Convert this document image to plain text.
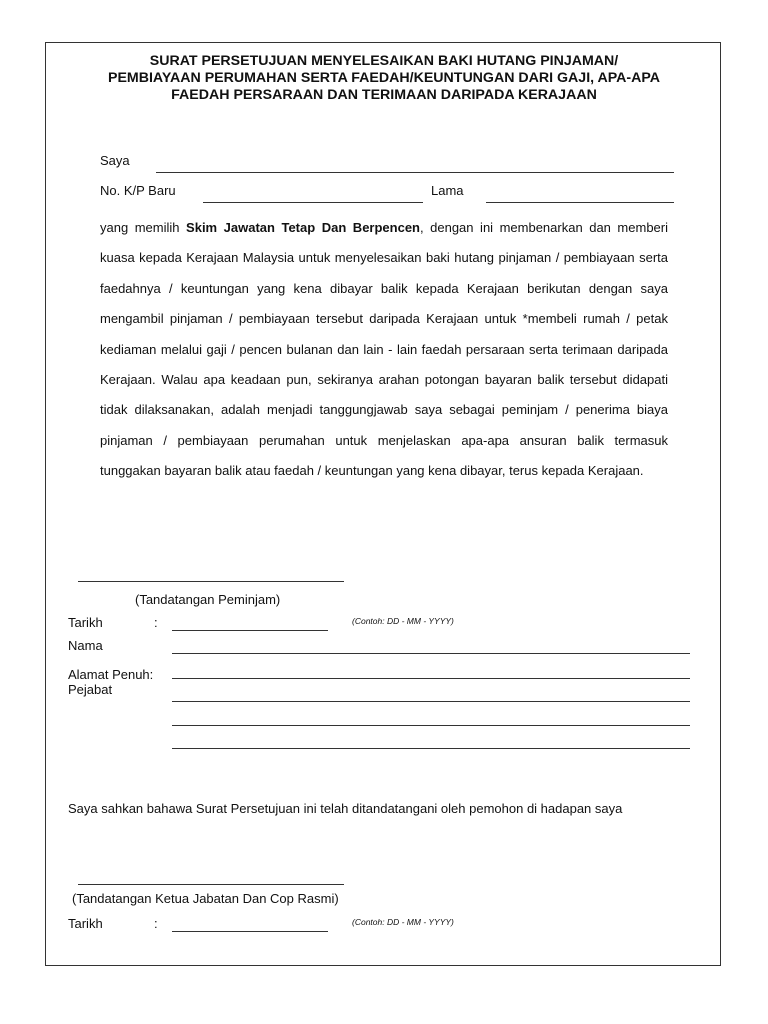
SURAT PERSETUJUAN MENYELESAIKAN BAKI HUTANG PINJAMAN/
PEMBIAYAAN PERUMAHAN SERTA FAEDAH/KEUNTUNGAN DARI GAJI, APA-APA
FAEDAH PERSARAAN DAN TERIMAAN DARIPADA KERAJAAN
Saya
No. K/P Baru	Lama

yang memilih Skim Jawatan Tetap Dan Berpencen, dengan ini membenarkan dan memberi kuasa kepada Kerajaan Malaysia untuk menyelesaikan baki hutang pinjaman / pembiayaan serta faedahnya / keuntungan yang kena dibayar balik kepada Kerajaan berikutan dengan saya mengambil pinjaman / pembiayaan tersebut daripada Kerajaan untuk *membeli rumah / petak kediaman melalui gaji / pencen bulanan dan lain - lain faedah persaraan serta terimaan daripada Kerajaan. Walau apa keadaan pun, sekiranya arahan potongan bayaran balik tersebut didapati tidak dilaksanakan, adalah menjadi tanggungjawab saya sebagai peminjam / penerima biaya pinjaman / pembiayaan perumahan untuk menjelaskan apa-apa ansuran balik termasuk tunggakan bayaran balik atau faedah / keuntungan yang kena dibayar, terus kepada Kerajaan.

(Tandatangan Peminjam)
Tarikh	:	(Contoh: DD - MM - YYYY)
Nama
Alamat Penuh:
Pejabat
Saya sahkan bahawa Surat Persetujuan ini telah ditandatangani oleh pemohon di hadapan saya
(Tandatangan Ketua Jabatan Dan Cop Rasmi)
Tarikh	:	(Contoh: DD - MM - YYYY)
